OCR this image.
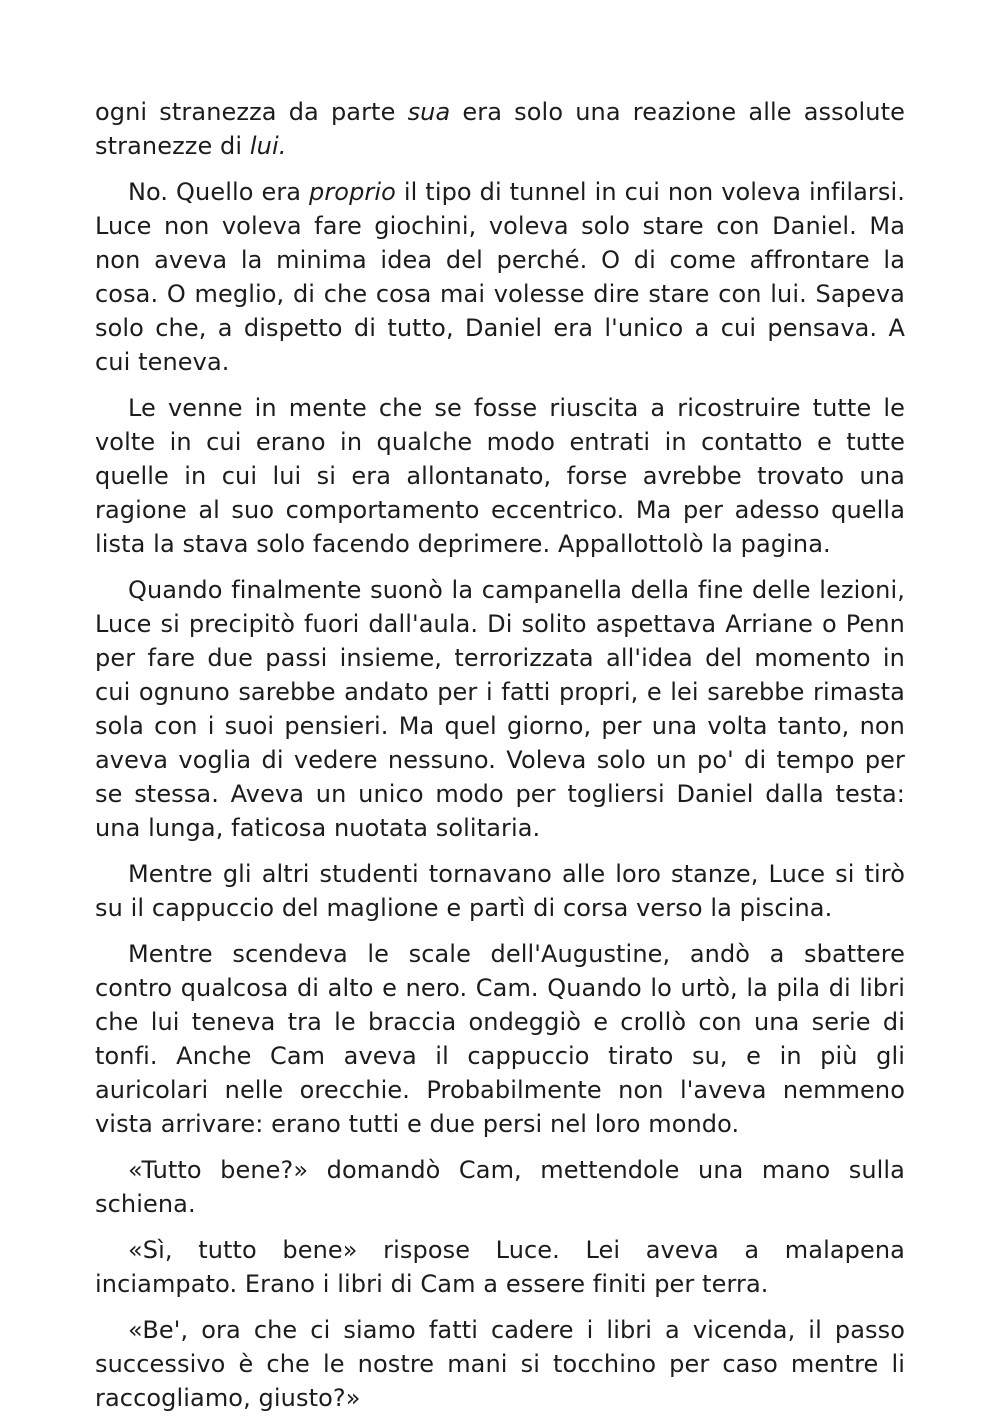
ogni stranezza da parte sua era solo una reazione alle assolute stranezze di lui.

No. Quello era proprio il tipo di tunnel in cui non voleva infilarsi. Luce non voleva fare giochini, voleva solo stare con Daniel. Ma non aveva la minima idea del perché. O di come affrontare la cosa. O meglio, di che cosa mai volesse dire stare con lui. Sapeva solo che, a dispetto di tutto, Daniel era l'unico a cui pensava. A cui teneva.

Le venne in mente che se fosse riuscita a ricostruire tutte le volte in cui erano in qualche modo entrati in contatto e tutte quelle in cui lui si era allontanato, forse avrebbe trovato una ragione al suo comportamento eccentrico. Ma per adesso quella lista la stava solo facendo deprimere. Appallottolò la pagina.

Quando finalmente suonò la campanella della fine delle lezioni, Luce si precipitò fuori dall'aula. Di solito aspettava Arriane o Penn per fare due passi insieme, terrorizzata all'idea del momento in cui ognuno sarebbe andato per i fatti propri, e lei sarebbe rimasta sola con i suoi pensieri. Ma quel giorno, per una volta tanto, non aveva voglia di vedere nessuno. Voleva solo un po' di tempo per se stessa. Aveva un unico modo per togliersi Daniel dalla testa: una lunga, faticosa nuotata solitaria.

Mentre gli altri studenti tornavano alle loro stanze, Luce si tirò su il cappuccio del maglione e partì di corsa verso la piscina.

Mentre scendeva le scale dell'Augustine, andò a sbattere contro qualcosa di alto e nero. Cam. Quando lo urtò, la pila di libri che lui teneva tra le braccia ondeggiò e crollò con una serie di tonfi. Anche Cam aveva il cappuccio tirato su, e in più gli auricolari nelle orecchie. Probabilmente non l'aveva nemmeno vista arrivare: erano tutti e due persi nel loro mondo.

«Tutto bene?» domandò Cam, mettendole una mano sulla schiena.

«Sì, tutto bene» rispose Luce. Lei aveva a malapena inciampato. Erano i libri di Cam a essere finiti per terra.

«Be', ora che ci siamo fatti cadere i libri a vicenda, il passo successivo è che le nostre mani si tocchino per caso mentre li raccogliamo, giusto?»
